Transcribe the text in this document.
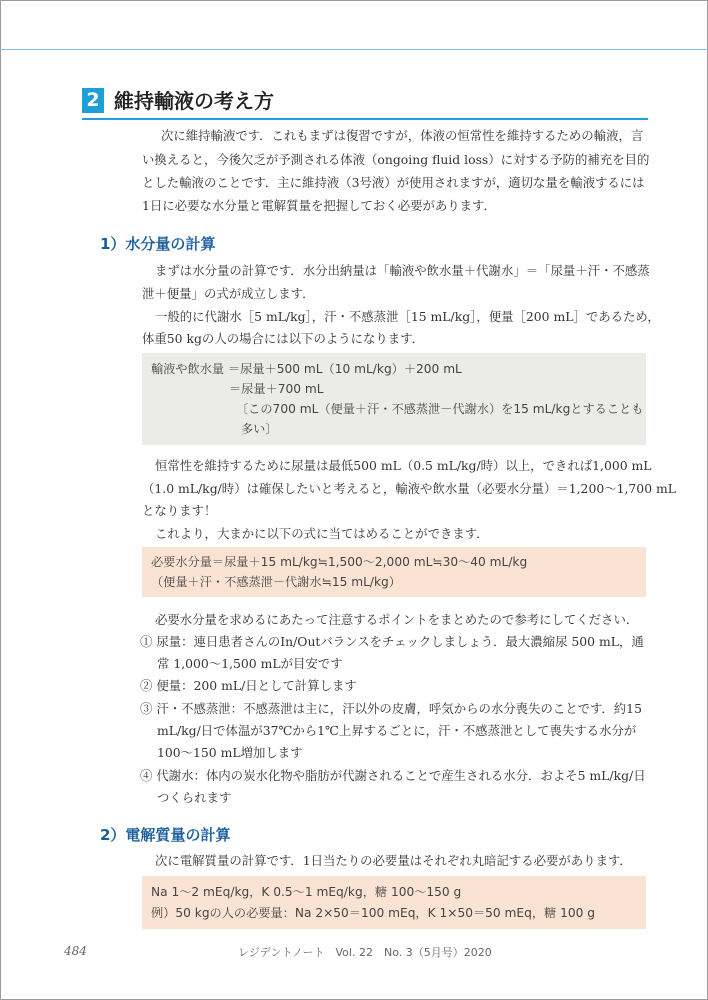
2 維持輸液の考え方
次に維持輸液です．これもまずは復習ですが，体液の恒常性を維持するための輸液，言
い換えると，今後欠乏が予測される体液（ongoing fluid loss）に対する予防的補充を目的
とした輸液のことです．主に維持液（3号液）が使用されますが，適切な量を輸液するには
1日に必要な水分量と電解質量を把握しておく必要があります．
1）水分量の計算
まずは水分量の計算です．水分出納量は「輸液や飲水量＋代謝水」＝「尿量＋汗・不感蒸
泄＋便量」の式が成立します．
一般的に代謝水［5 mL/kg］，汗・不感蒸泄［15 mL/kg］，便量［200 mL］であるため，
体重50 kgの人の場合には以下のようになります．
輸液や飲水量 ＝尿量＋500 mL（10 mL/kg）＋200 mL
＝尿量＋700 mL
〔この700 mL（便量＋汗・不感蒸泄－代謝水）を15 mL/kgとすることも
多い〕
恒常性を維持するために尿量は最低500 mL（0.5 mL/kg/時）以上，できれば1,000 mL
（1.0 mL/kg/時）は確保したいと考えると，輸液や飲水量（必要水分量）＝1,200～1,700 mL
となります！
これより，大まかに以下の式に当てはめることができます．
必要水分量＝尿量＋15 mL/kg≒1,500～2,000 mL≒30～40 mL/kg
（便量＋汗・不感蒸泄－代謝水≒15 mL/kg）
必要水分量を求めるにあたって注意するポイントをまとめたので参考にしてください．
① 尿量：連日患者さんのIn/Outバランスをチェックしましょう．最大濃縮尿 500 mL，通
常 1,000～1,500 mLが目安です
② 便量：200 mL/日として計算します
③ 汗・不感蒸泄：不感蒸泄は主に，汗以外の皮膚，呼気からの水分喪失のことです．約15
mL/kg/日で体温が37℃から1℃上昇するごとに，汗・不感蒸泄として喪失する水分が
100～150 mL増加します
④ 代謝水：体内の炭水化物や脂肪が代謝されることで産生される水分．およそ5 mL/kg/日
つくられます
2）電解質量の計算
次に電解質量の計算です．1日当たりの必要量はそれぞれ丸暗記する必要があります．
Na 1～2 mEq/kg，K 0.5～1 mEq/kg，糖 100～150 g
例）50 kgの人の必要量：Na 2×50＝100 mEq，K 1×50＝50 mEq，糖 100 g
484	レジデントノート　Vol. 22　No. 3（5月号）2020
